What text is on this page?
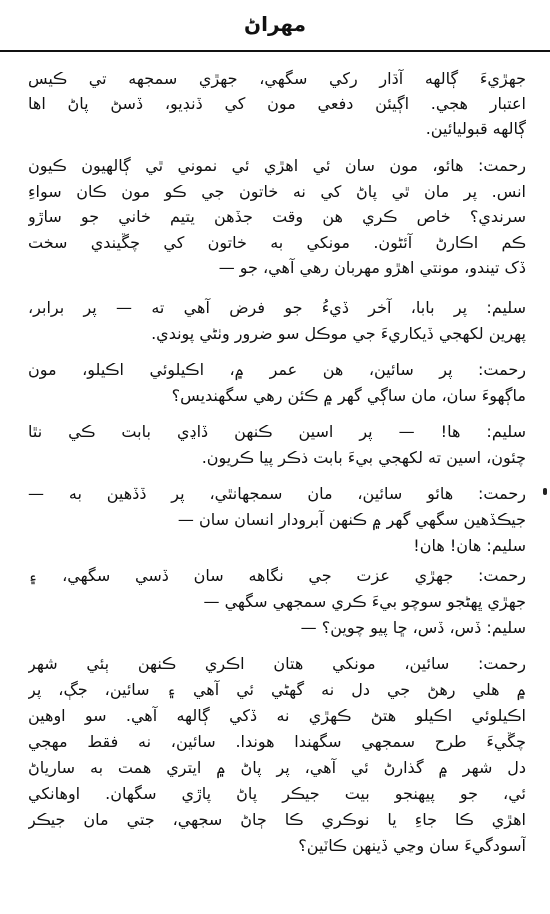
مهراڻ
جهڙيءَ ڳالهه آڌار رکي سگهي، جهڙي سمجهه تي ڪيس
اعتبار هجي. اڳيئن دفعي مون کي ڏنڊيو، ڏسڻ پاڻ اها
ڳالهه قبوليائين.
رحمت: هائو، مون سان ئي اهڙي ئي نموني ٿي ڳالهيون ڪيون
انس. پر مان ٿي پاڻ کي نه خاتون جي ڪو مون ڪان سواءِ
سرندي؟ خاص ڪري هن وقت جڏهن يتيم خاني جو ساڙو
ڪم اڪارڻ آئڻون. مونکي به خاتون کي چڱيندي سخت
ڏک تيندو، مونتي اهڙو مهربان رهي آهي، جو —
سليم: پر بابا، آخر ڏيءُ جو فرض آهي ته — پر برابر،
پهرين لکهجي ڏيکاريءَ جي موڪل سو ضرور وٺڻي پوندي.
رحمت: پر سائين، هن عمر ۾، اڪيلوئي اڪيلو، مون
ماڳهوءَ سان، مان ساڳي گهر ۾ ڪئن رهي سگهنديس؟
سليم: ها! — پر اسين ڪنهن ڏاڍي بابت ڪي نٿا
چئون، اسين ته لکهجي بيءَ بابت ذڪر پيا ڪريون.
رحمت: هائو سائين، مان سمجهانٿي، پر ڏڏهين به —
جيڪڏهين سگهي گهر ۾ ڪنهن آبرودار انسان سان —
سليم: هان! هان!
رحمت: جهڙي عزت جي نگاهه سان ڏسي سگهي، ۽
جهڙي ڀهڻجو سوچو بيءَ ڪري سمجهي سگهي —
سليم: ڏس، ڏس، ڇا پيو چوين؟ —
رحمت: سائين، مونکي هتان اڪري ڪنهن ٻئي شهر
۾ هلي رهڻ جي دل نه گهڻي ئي آهي ۽ سائين، جڳ، پر
اڪيلوئي اڪيلو هتڻ ڪهڙي نه ڏکي ڳالهه آهي. سو اوهين
چڱيءَ طرح سمجهي سگهندا هوندا. سائين، نه فقط مهجي
دل شهر ۾ گذارڻ ئي آهي، پر پاڻ ۾ ايتري همت به سارياڻ
ئي، جو پيهنجو بيت جيڪر پاڻ پاڙي سگهان. اوهانکي
اهڙي ڪا جاءِ يا نوڪري ڪا ڄاڻ سجهي، جتي مان جيڪر
آسودگيءَ سان وڃي ڏينهن ڪاٽين؟
